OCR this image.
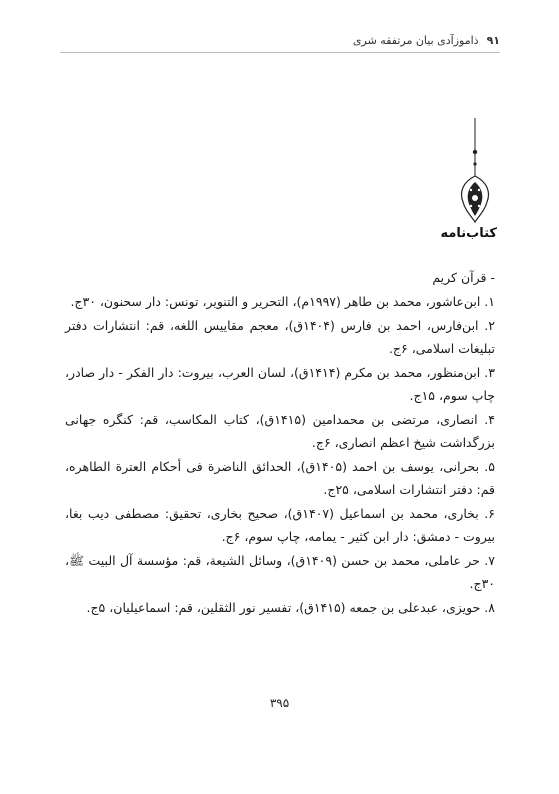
۹۱
ذاموزآدی بیان مرتفقه شری
کتاب‌نامه
- قرآن کریم
۱. ابن‌عاشور، محمد بن طاهر (۱۹۹۷م)، التحریر و التنویر، تونس: دار سحنون، ۳۰ج.
۲. ابن‌فارس، احمد بن فارس (۱۴۰۴ق)، معجم مقاییس اللغه، قم: انتشارات دفتر تبلیغات اسلامی، ۶ج.
۳. ابن‌منظور، محمد بن مکرم (۱۴۱۴ق)، لسان العرب، بیروت: دار الفکر - دار صادر، چاپ سوم، ۱۵ج.
۴. انصاری، مرتضی بن محمدامین (۱۴۱۵ق)، کتاب المکاسب، قم: کنگره جهانی بزرگداشت شیخ اعظم انصاری، ۶ج.
۵. بحرانی، یوسف بن احمد (۱۴۰۵ق)، الحدائق الناضرة فی أحکام العترة الطاهره، قم: دفتر انتشارات اسلامی، ۲۵ج.
۶. بخاری، محمد بن اسماعیل (۱۴۰۷ق)، صحیح بخاری، تحقیق: مصطفی دیب بغا، بیروت - دمشق: دار ابن کثیر - یمامه، چاپ سوم، ۶ج.
۷. حر عاملی، محمد بن حسن (۱۴۰۹ق)، وسائل الشیعة، قم: مؤسسة آل البیت ﷺ، ۳۰ج.
۸. حویزی، عبدعلی بن جمعه (۱۴۱۵ق)، تفسیر نور الثقلین، قم: اسماعیلیان، ۵ج.
۳۹۵
